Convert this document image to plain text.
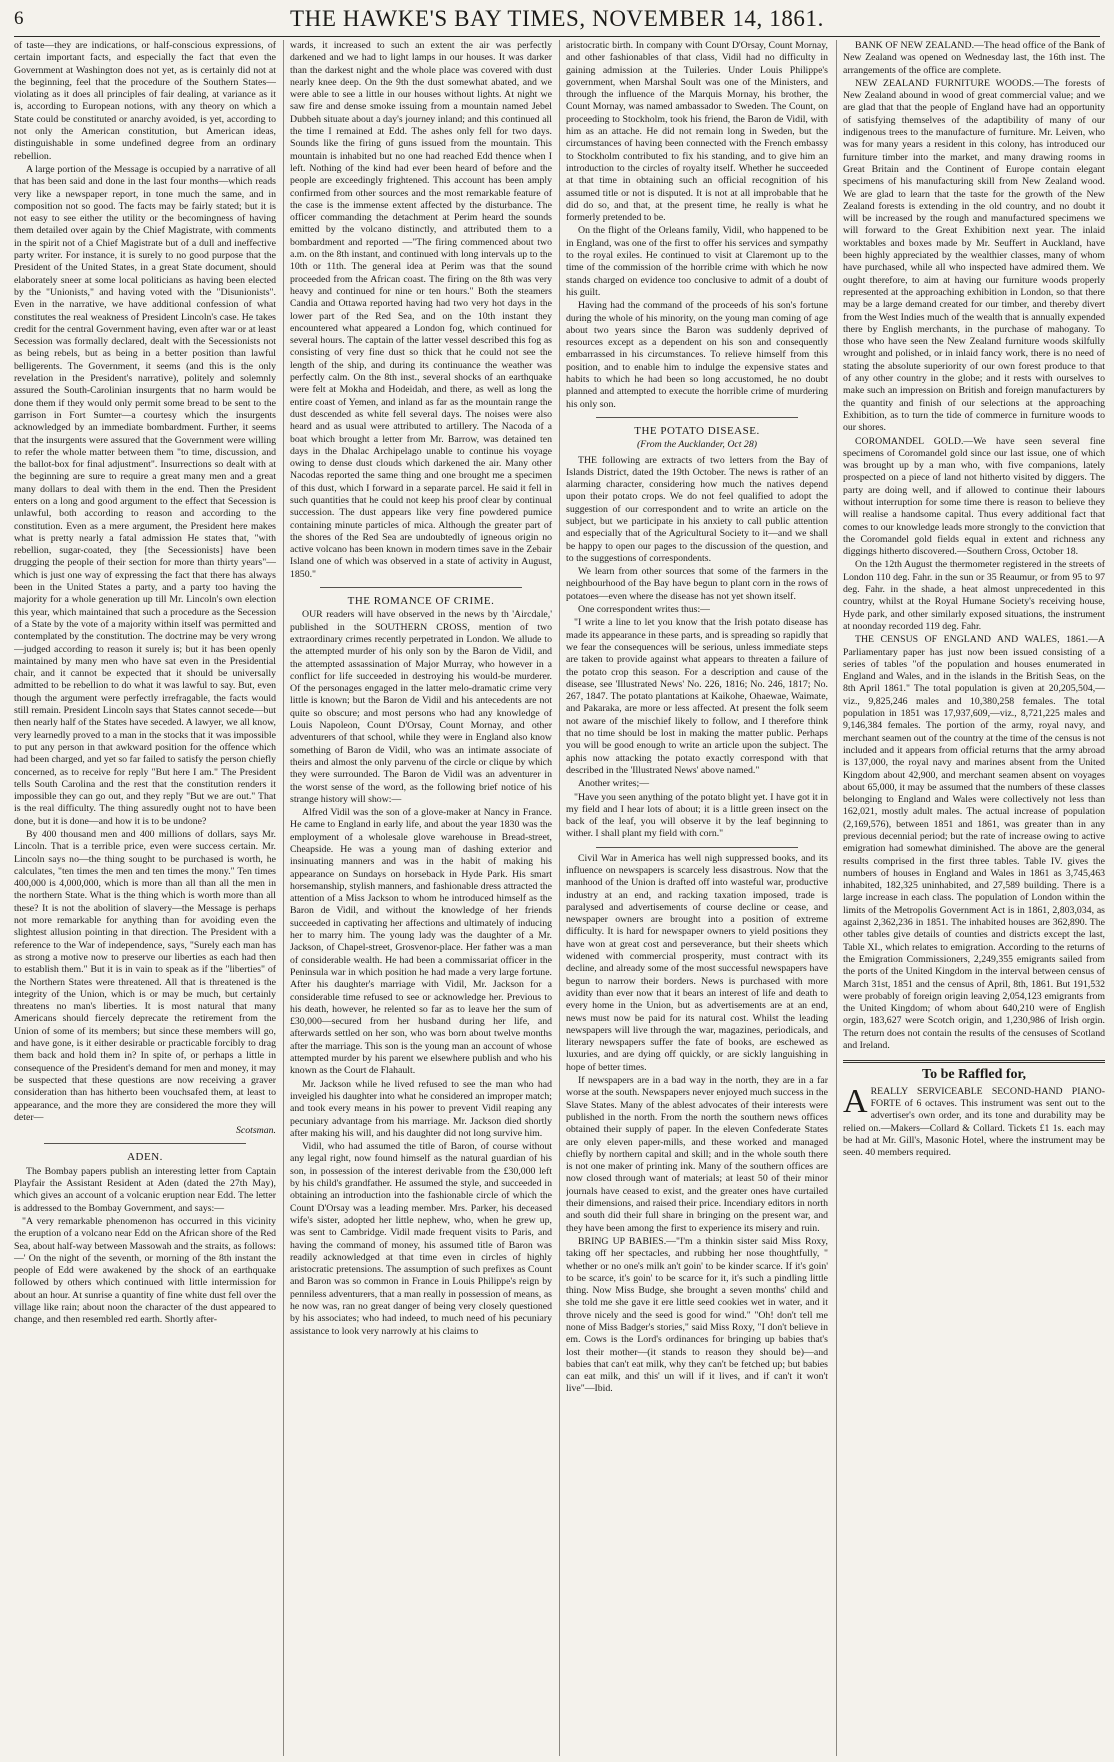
6	THE HAWKE'S BAY TIMES, NOVEMBER 14, 1861.

of taste—they are indications, or half-conscious expressions, of certain important facts, and especially the fact that even the Government at Washington does not yet, as is certainly did not at the beginning, feel that the procedure of the Southern States—violating as it does all principles of fair dealing, at variance as it is, according to European notions, with any theory on which a State could be constituted or anarchy avoided, is yet, according to not only the American constitution, but American ideas, distinguishable in some undefined degree from an ordinary rebellion.

A large portion of the Message is occupied by a narrative of all that has been said and done in the last four months—which reads very like a newspaper report, in tone much the same, and in composition not so good. The facts may be fairly stated; but it is not easy to see either the utility or the becomingness of having them detailed over again by the Chief Magistrate, with comments in the spirit not of a Chief Magistrate but of a dull and ineffective party writer. For instance, it is surely to no good purpose that the President of the United States, in a great State document, should elaborately sneer at some local politicians as having been elected by the "Unionists," and having voted with the "Disunionists". Even in the narrative, we have additional confession of what constitutes the real weakness of President Lincoln's case. He takes credit for the central Government having, even after war or at least Secession was formally declared, dealt with the Secessionists not as being rebels, but as being in a better position than lawful belligerents. The Government, it seems (and this is the only revelation in the President's narrative), politely and solemnly assured the South-Carolinian insurgents that no harm would be done them if they would only permit some bread to be sent to the garrison in Fort Sumter—a courtesy which the insurgents acknowledged by an immediate bombardment. Further, it seems that the insurgents were assured that the Government were willing to refer the whole matter between them "to time, discussion, and the ballot-box for final adjustment". Insurrections so dealt with at the beginning are sure to require a great many men and a great many dollars to deal with them in the end. Then the President enters on a long and good argument to the effect that Secession is unlawful, both according to reason and according to the constitution. Even as a mere argument, the President here makes what is pretty nearly a fatal admission He states that, "with rebellion, sugar-coated, they [the Secessionists] have been drugging the people of their section for more than thirty years"—which is just one way of expressing the fact that there has always been in the United States a party, and a party too having the majority for a whole generation up till Mr. Lincoln's own election this year, which maintained that such a procedure as the Secession of a State by the vote of a majority within itself was permitted and contemplated by the constitution. The doctrine may be very wrong —judged according to reason it surely is; but it has been openly maintained by many men who have sat even in the Presidential chair, and it cannot be expected that it should be universally admitted to be rebellion to do what it was lawful to say. But, even though the argument were perfectly irrefragable, the facts would still remain. President Lincoln says that States cannot secede—but then nearly half of the States have seceded. A lawyer, we all know, very learnedly proved to a man in the stocks that it was impossible to put any person in that awkward position for the offence which had been charged, and yet so far failed to satisfy the person chiefly concerned, as to receive for reply "But here I am." The President tells South Carolina and the rest that the constitution renders it impossible they can go out, and they reply "But we are out." That is the real difficulty. The thing assuredly ought not to have been done, but it is done—and how it is to be undone?

By 400 thousand men and 400 millions of dollars, says Mr. Lincoln. That is a terrible price, even were success certain. Mr. Lincoln says no—the thing sought to be purchased is worth, he calculates, "ten times the men and ten times the mony." Ten times 400,000 is 4,000,000, which is more than all than all the men in the northern State. What is the thing which is worth more than all these? It is not the abolition of slavery—the Message is perhaps not more remarkable for anything than for avoiding even the slightest allusion pointing in that direction. The President with a reference to the War of independence, says, "Surely each man has as strong a motive now to preserve our liberties as each had then to establish them." But it is in vain to speak as if the "liberties" of the Northern States were threatened. All that is threatened is the integrity of the Union, which is or may be much, but certainly threatens no man's liberties. It is most natural that many Americans should fiercely deprecate the retirement from the Union of some of its members; but since these members will go, and have gone, is it either desirable or practicable forcibly to drag them back and hold them in? In spite of, or perhaps a little in consequence of the President's demand for men and money, it may be suspected that these questions are now receiving a graver consideration than has hitherto been vouchsafed them, at least to appearance, and the more they are considered the more they will deter—

Scotsman.
ADEN.

The Bombay papers publish an interesting letter from Captain Playfair the Assistant Resident at Aden (dated the 27th May), which gives an account of a volcanic eruption near Edd. The letter is addressed to the Bombay Government, and says:—

"A very remarkable phenomenon has occurred in this vicinity the eruption of a volcano near Edd on the African shore of the Red Sea, about half-way between Massowah and the straits, as follows:—' On the night of the seventh, or morning of the 8th instant the people of Edd were awakened by the shock of an earthquake followed by others which continued with little intermission for about an hour. At sunrise a quantity of fine white dust fell over the village like rain; about noon the character of the dust appeared to change, and then resembled red earth. Shortly after-

wards, it increased to such an extent the air was perfectly darkened and we had to light lamps in our houses. It was darker than the darkest night and the whole place was covered with dust nearly knee deep. On the 9th the dust somewhat abated, and we were able to see a little in our houses without lights. At night we saw fire and dense smoke issuing from a mountain named Jebel Dubbeh situate about a day's journey inland; and this continued all the time I remained at Edd. The ashes only fell for two days. Sounds like the firing of guns issued from the mountain. This mountain is inhabited but no one had reached Edd thence when I left. Nothing of the kind had ever been heard of before and the people are exceedingly frightened. This account has been amply confirmed from other sources and the most remarkable feature of the case is the immense extent affected by the disturbance. The officer commanding the detachment at Perim heard the sounds emitted by the volcano distinctly, and attributed them to a bombardment and reported —"The firing commenced about two a.m. on the 8th instant, and continued with long intervals up to the 10th or 11th. The general idea at Perim was that the sound proceeded from the African coast. The firing on the 8th was very heavy and continued for nine or ten hours." Both the steamers Candia and Ottawa reported having had two very hot days in the lower part of the Red Sea, and on the 10th instant they encountered what appeared a London fog, which continued for several hours. The captain of the latter vessel described this fog as consisting of very fine dust so thick that he could not see the length of the ship, and during its continuance the weather was perfectly calm. On the 8th inst., several shocks of an earthquake were felt at Mokha and Hodeidah, and there, as well as long the entire coast of Yemen, and inland as far as the mountain range the dust descended as white fell several days. The noises were also heard and as usual were attributed to artillery. The Nacoda of a boat which brought a letter from Mr. Barrow, was detained ten days in the Dhalac Archipelago unable to continue his voyage owing to dense dust clouds which darkened the air. Many other Nacodas reported the same thing and one brought me a specimen of this dust, which I forward in a separate parcel. He said it fell in such quantities that he could not keep his proof clear by continual succession. The dust appears like very fine powdered pumice containing minute particles of mica. Although the greater part of the shores of the Red Sea are undoubtedly of igneous origin no active volcano has been known in modern times save in the Zebair Island one of which was observed in a state of activity in August, 1850."

THE ROMANCE OF CRIME.

OUR readers will have observed in the news by th 'Aircdale,' published in the SOUTHERN CROSS, mention of two extraordinary crimes recently perpetrated in London. We allude to the attempted murder of his only son by the Baron de Vidil, and the attempted assassination of Major Murray, who however in a conflict for life succeeded in destroying his would-be murderer. Of the personages engaged in the latter melo-dramatic crime very little is known; but the Baron de Vidil and his antecedents are not quite so obscure; and most persons who had any knowledge of Louis Napoleon, Count D'Orsay, Count Mornay, and other adventurers of that school, while they were in England also know something of Baron de Vidil, who was an intimate associate of theirs and almost the only parvenu of the circle or clique by which they were surrounded. The Baron de Vidil was an adventurer in the worst sense of the word, as the following brief notice of his strange history will show:—

Alfred Vidil was the son of a glove-maker at Nancy in France. He came to England in early life, and about the year 1830 was the employment of a wholesale glove warehouse in Bread-street, Cheapside. He was a young man of dashing exterior and insinuating manners and was in the habit of making his appearance on Sundays on horseback in Hyde Park. His smart horsemanship, stylish manners, and fashionable dress attracted the attention of a Miss Jackson to whom he introduced himself as the Baron de Vidil, and without the knowledge of her friends succeeded in captivating her affections and ultimately of inducing her to marry him. The young lady was the daughter of a Mr. Jackson, of Chapel-street, Grosvenor-place. Her father was a man of considerable wealth. He had been a commissariat officer in the Peninsula war in which position he had made a very large fortune. After his daughter's marriage with Vidil, Mr. Jackson for a considerable time refused to see or acknowledge her. Previous to his death, however, he relented so far as to leave her the sum of £30,000—secured from her husband during her life, and afterwards settled on her son, who was born about twelve months after the marriage. This son is the young man an account of whose attempted murder by his parent we elsewhere publish and who his known as the Court de Flahault.

Mr. Jackson while he lived refused to see the man who had inveigled his daughter into what he considered an improper match; and took every means in his power to prevent Vidil reaping any pecuniary advantage from his marriage. Mr. Jackson died shortly after making his will, and his daughter did not long survive him.

Vidil, who had assumed the title of Baron, of course without any legal right, now found himself as the natural guardian of his son, in possession of the interest derivable from the £30,000 left by his child's grandfather. He assumed the style, and succeeded in obtaining an introduction into the fashionable circle of which the Count D'Orsay was a leading member. Mrs. Parker, his deceased wife's sister, adopted her little nephew, who, when he grew up, was sent to Cambridge. Vidil made frequent visits to Paris, and having the command of money, his assumed title of Baron was readily acknowledged at that time even in circles of highly aristocratic pretensions. The assumption of such prefixes as Count and Baron was so common in France in Louis Philippe's reign by penniless adventurers, that a man really in possession of means, as he now was, ran no great danger of being very closely questioned by his associates; who had indeed, to much need of his pecuniary assistance to look very narrowly at his claims to

aristocratic birth. In company with Count D'Orsay, Count Mornay, and other fashionables of that class, Vidil had no difficulty in gaining admission at the Tuileries. Under Louis Philippe's government, when Marshal Soult was one of the Ministers, and through the influence of the Marquis Mornay, his brother, the Count Mornay, was named ambassador to Sweden. The Count, on proceeding to Stockholm, took his friend, the Baron de Vidil, with him as an attache. He did not remain long in Sweden, but the circumstances of having been connected with the French embassy to Stockholm contributed to fix his standing, and to give him an introduction to the circles of royalty itself. Whether he succeeded at that time in obtaining such an official recognition of his assumed title or not is disputed. It is not at all improbable that he did do so, and that, at the present time, he really is what he formerly pretended to be.

On the flight of the Orleans family, Vidil, who happened to be in England, was one of the first to offer his services and sympathy to the royal exiles. He continued to visit at Claremont up to the time of the commission of the horrible crime with which he now stands charged on evidence too conclusive to admit of a doubt of his guilt.

Having had the command of the proceeds of his son's fortune during the whole of his minority, on the young man coming of age about two years since the Baron was suddenly deprived of resources except as a dependent on his son and consequently embarrassed in his circumstances. To relieve himself from this position, and to enable him to indulge the expensive states and habits to which he had been so long accustomed, he no doubt planned and attempted to execute the horrible crime of murdering his only son.

THE POTATO DISEASE.
(From the Aucklander, Oct 28)

THE following are extracts of two letters from the Bay of Islands District, dated the 19th October. The news is rather of an alarming character, considering how much the natives depend upon their potato crops. We do not feel qualified to adopt the suggestion of our correspondent and to write an article on the subject, but we participate in his anxiety to call public attention and especially that of the Agricultural Society to it—and we shall be happy to open our pages to the discussion of the question, and to the suggestions of correspondents.

We learn from other sources that some of the farmers in the neighbourhood of the Bay have begun to plant corn in the rows of potatoes—even where the disease has not yet shown itself.

One correspondent writes thus:—

"I write a line to let you know that the Irish potato disease has made its appearance in these parts, and is spreading so rapidly that we fear the consequences will be serious, unless immediate steps are taken to provide against what appears to threaten a failure of the potato crop this season. For a description and cause of the disease, see 'Illustrated News' No. 226, 1816; No. 246, 1817; No. 267, 1847. The potato plantations at Kaikohe, Ohaewae, Waimate, and Pakaraka, are more or less affected. At present the folk seem not aware of the mischief likely to follow, and I therefore think that no time should be lost in making the matter public. Perhaps you will be good enough to write an article upon the subject. The aphis now attacking the potato exactly correspond with that described in the 'Illustrated News' above named."

Another writes;—

"Have you seen anything of the potato blight yet. I have got it in my field and I hear lots of about; it is a little green insect on the back of the leaf, you will observe it by the leaf beginning to wither. I shall plant my field with corn."

Civil War in America has well nigh suppressed books, and its influence on newspapers is scarcely less disastrous. Now that the manhood of the Union is drafted off into wasteful war, productive industry at an end, and racking taxation imposed, trade is paralysed and advertisements of course decline or cease, and newspaper owners are brought into a position of extreme difficulty. It is hard for newspaper owners to yield positions they have won at great cost and perseverance, but their sheets which widened with commercial prosperity, must contract with its decline, and already some of the most successful newspapers have begun to narrow their borders. News is purchased with more avidity than ever now that it bears an interest of life and death to every home in the Union, but as advertisements are at an end, news must now be paid for its natural cost. Whilst the leading newspapers will live through the war, magazines, periodicals, and literary newspapers suffer the fate of books, are eschewed as luxuries, and are dying off quickly, or are sickly languishing in hope of better times.

If newspapers are in a bad way in the north, they are in a far worse at the south. Newspapers never enjoyed much success in the Slave States. Many of the ablest advocates of their interests were published in the north. From the north the southern news offices obtained their supply of paper. In the eleven Confederate States are only eleven paper-mills, and these worked and managed chiefly by northern capital and skill; and in the whole south there is not one maker of printing ink. Many of the southern offices are now closed through want of materials; at least 50 of their minor journals have ceased to exist, and the greater ones have curtailed their dimensions, and raised their price. Incendiary editors in north and south did their full share in bringing on the present war, and they have been among the first to experience its misery and ruin.

BRING UP BABIES.—"I'm a thinkin sister said Miss Roxy, taking off her spectacles, and rubbing her nose thoughtfully, " whether or no one's milk an't goin' to be kinder scarce. If it's goin' to be scarce, it's goin' to be scarce for it, it's such a pindling little thing. Now Miss Budge, she brought a seven months' child and she told me she gave it ere little seed cookies wet in water, and it throve nicely and the seed is good for wind." "Oh! don't tell me none of Miss Badger's stories," said Miss Roxy, "I don't believe in em. Cows is the Lord's ordinances for bringing up babies that's lost their mother—(it stands to reason they should be)—and babies that can't eat milk, why they can't be fetched up; but babies can eat milk, and this' un will if it lives, and if can't it won't live"—Ibid.

BANK OF NEW ZEALAND.—The head office of the Bank of New Zealand was opened on Wednesday last, the 16th inst. The arrangements of the office are complete.

NEW ZEALAND FURNITURE WOODS.—The forests of New Zealand abound in wood of great commercial value; and we are glad that that the people of England have had an opportunity of satisfying themselves of the adaptibility of many of our indigenous trees to the manufacture of furniture. Mr. Leiven, who was for many years a resident in this colony, has introduced our furniture timber into the market, and many drawing rooms in Great Britain and the Continent of Europe contain elegant specimens of his manufacturing skill from New Zealand wood. We are glad to learn that the taste for the growth of the New Zealand forests is extending in the old country, and no doubt it will be increased by the rough and manufactured specimens we will forward to the Great Exhibition next year. The inlaid worktables and boxes made by Mr. Seuffert in Auckland, have been highly appreciated by the wealthier classes, many of whom have purchased, while all who inspected have admired them. We ought therefore, to aim at having our furniture woods properly represented at the approaching exhibition in London, so that there may be a large demand created for our timber, and thereby divert from the West Indies much of the wealth that is annually expended there by English merchants, in the purchase of mahogany. To those who have seen the New Zealand furniture woods skilfully wrought and polished, or in inlaid fancy work, there is no need of stating the absolute superiority of our own forest produce to that of any other country in the globe; and it rests with ourselves to make such an impression on British and foreign manufacturers by the quantity and finish of our selections at the approaching Exhibition, as to turn the tide of commerce in furniture woods to our shores.

COROMANDEL GOLD.—We have seen several fine specimens of Coromandel gold since our last issue, one of which was brought up by a man who, with five companions, lately prospected on a piece of land not hitherto visited by diggers. The party are doing well, and if allowed to continue their labours without interruption for some time there is reason to believe they will realise a handsome capital. Thus every additional fact that comes to our knowledge leads more strongly to the conviction that the Coromandel gold fields equal in extent and richness any diggings hitherto discovered.—Southern Cross, October 18.

On the 12th August the thermometer registered in the streets of London 110 deg. Fahr. in the sun or 35 Reaumur, or from 95 to 97 deg. Fahr. in the shade, a heat almost unprecedented in this country, whilst at the Royal Humane Society's receiving house, Hyde park, and other similarly exposed situations, the instrument at noonday recorded 119 deg. Fahr.

THE CENSUS OF ENGLAND AND WALES, 1861.—A Parliamentary paper has just now been issued consisting of a series of tables "of the population and houses enumerated in England and Wales, and in the islands in the British Seas, on the 8th April 1861." The total population is given at 20,205,504,—viz., 9,825,246 males and 10,380,258 females. The total population in 1851 was 17,937,609,—viz., 8,721,225 males and 9,146,384 females. The portion of the army, royal navy, and merchant seamen out of the country at the time of the census is not included and it appears from official returns that the army abroad is 137,000, the royal navy and marines absent from the United Kingdom about 42,900, and merchant seamen absent on voyages about 65,000, it may be assumed that the numbers of these classes belonging to England and Wales were collectively not less than 162,021, mostly adult males. The actual increase of population (2,169,576), between 1851 and 1861, was greater than in any previous decennial period; but the rate of increase owing to active emigration had somewhat diminished. The above are the general results comprised in the first three tables. Table IV. gives the numbers of houses in England and Wales in 1861 as 3,745,463 inhabited, 182,325 uninhabited, and 27,589 building. There is a large increase in each class. The population of London within the limits of the Metropolis Government Act is in 1861, 2,803,034, as against 2,362,236 in 1851. The inhabited houses are 362,890. The other tables give details of counties and districts except the last, Table XI., which relates to emigration. According to the returns of the Emigration Commissioners, 2,249,355 emigrants sailed from the ports of the United Kingdom in the interval between census of March 31st, 1851 and the census of April, 8th, 1861. But 191,532 were probably of foreign origin leaving 2,054,123 emigrants from the United Kingdom; of whom about 640,210 were of English orgin, 183,627 were Scotch origin, and 1,230,986 of Irish orgin. The return does not contain the results of the censuses of Scotland and Ireland.

To be Raffled for,

AREALLY SERVICEABLE SECOND-HAND PIANO-FORTE of 6 octaves. This instrument was sent out to the advertiser's own order, and its tone and durability may be relied on.—Makers—Collard & Collard. Tickets £1 1s. each may be had at Mr. Gill's, Masonic Hotel, where the instrument may be seen. 40 members required.
